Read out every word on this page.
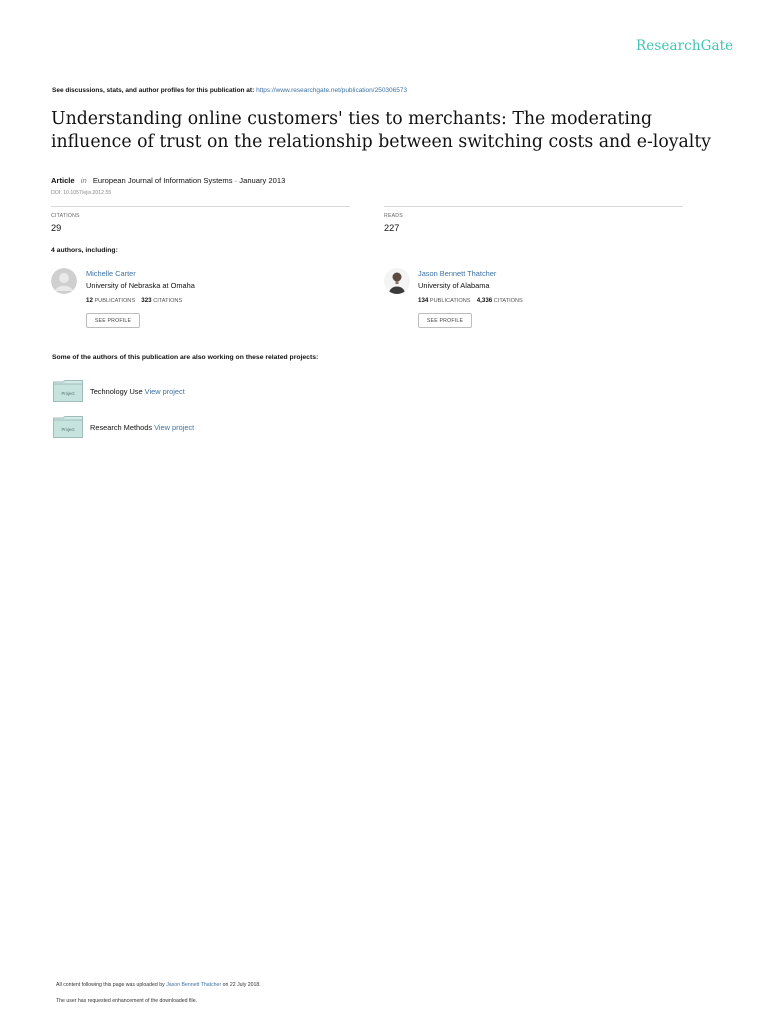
ResearchGate
See discussions, stats, and author profiles for this publication at: https://www.researchgate.net/publication/250306573
Understanding online customers' ties to merchants: The moderating
influence of trust on the relationship between switching costs and e-loyalty
Article in European Journal of Information Systems · January 2013
DOI: 10.1057/ejis.2012.55
CITATIONS
29
READS
227
4 authors, including:
Michelle Carter
University of Nebraska at Omaha
12 PUBLICATIONS 323 CITATIONS
SEE PROFILE
Jason Bennett Thatcher
University of Alabama
134 PUBLICATIONS 4,336 CITATIONS
SEE PROFILE
Some of the authors of this publication are also working on these related projects:
Project Technology Use View project
Project Research Methods View project
All content following this page was uploaded by Jason Bennett Thatcher on 22 July 2018.
The user has requested enhancement of the downloaded file.
